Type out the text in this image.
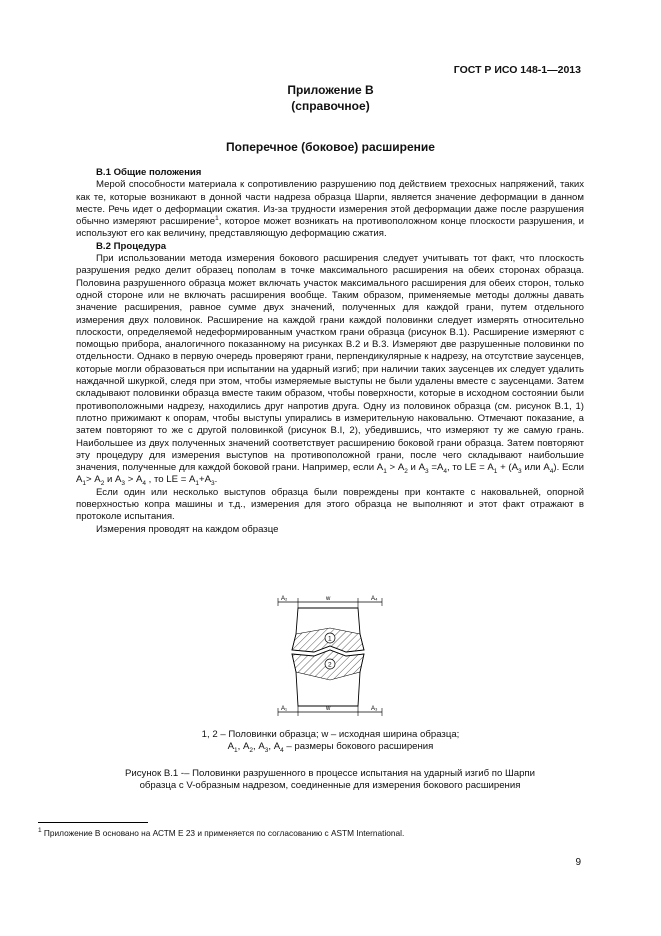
ГОСТ Р ИСО 148-1—2013
Приложение В
(справочное)
Поперечное (боковое) расширение

В.1 Общие положения

Мерой способности материала к сопротивлению разрушению под действием трехосных напряжений, таких как те, которые возникают в донной части надреза образца Шарпи, является значение деформации в данном месте. Речь идет о деформации сжатия. Из-за трудности измерения этой деформации даже после разрушения обычно измеряют расширение$^1$, которое может возникать на противоположном конце плоскости разрушения, и используют его как величину, представляющую деформацию сжатия.

В.2 Процедура

При использовании метода измерения бокового расширения следует учитывать тот факт, что плоскость разрушения редко делит образец пополам в точке максимального расширения на обеих сторонах образца. Половина разрушенного образца может включать участок максимального расширения для обеих сторон, только одной стороне или не включать расширения вообще. Таким образом, применяемые методы должны давать значение расширения, равное сумме двух значений, полученных для каждой грани, путем отдельного измерения двух половинок. Расширение на каждой грани каждой половинки следует измерять относительно плоскости, определяемой недеформированным участком грани образца (рисунок В.1). Расширение измеряют с помощью прибора, аналогичного показанному на рисунках В.2 и В.3. Измеряют две разрушенные половинки по отдельности. Однако в первую очередь проверяют грани, перпендикулярные к надрезу, на отсутствие заусенцев, которые могли образоваться при испытании на ударный изгиб; при наличии таких заусенцев их следует удалить наждачной шкуркой, следя при этом, чтобы измеряемые выступы не были удалены вместе с заусенцами. Затем складывают половинки образца вместе таким образом, чтобы поверхности, которые в исходном состоянии были противоположными надрезу, находились друг напротив друга. Одну из половинок образца (см. рисунок В.1, 1) плотно прижимают к опорам, чтобы выступы упирались в измерительную наковальню. Отмечают показание, а затем повторяют то же с другой половинкой (рисунок В.I, 2), убедившись, что измеряют ту же самую грань. Наибольшее из двух полученных значений соответствует расширению боковой грани образца. Затем повторяют эту процедуру для измерения выступов на противоположной грани, после чего складывают наибольшие значения, полученные для каждой боковой грани. Например, если $А_1 > А_2$ и $А_3 =А_4$, то LE = $А_1 + (А_3$ или $А_4$). Если $А_1> А_2$ и $А_3 > А_4$ , то LE = $А_1+А_3$.

Если один или несколько выступов образца были повреждены при контакте с наковальней, опорной поверхностью копра машины и т.д., измерения для этого образца не выполняют и этот факт отражают в протоколе испытания.

Измерения проводят на каждом образце

A₂	w	A₄
1
2
A₁	w	A₃
1, 2 – Половинки образца; w – исходная ширина образца;
$А_1$, $А_2$, $А_3$, $А_4$ – размеры бокового расширения
Рисунок В.1 -– Половинки разрушенного в процессе испытания на ударный изгиб по Шарпи
образца с V-образным надрезом, соединенные для измерения бокового расширения
$^1$ Приложение В основано на АСТМ Е 23 и применяется по согласованию с ASTM International.
9
